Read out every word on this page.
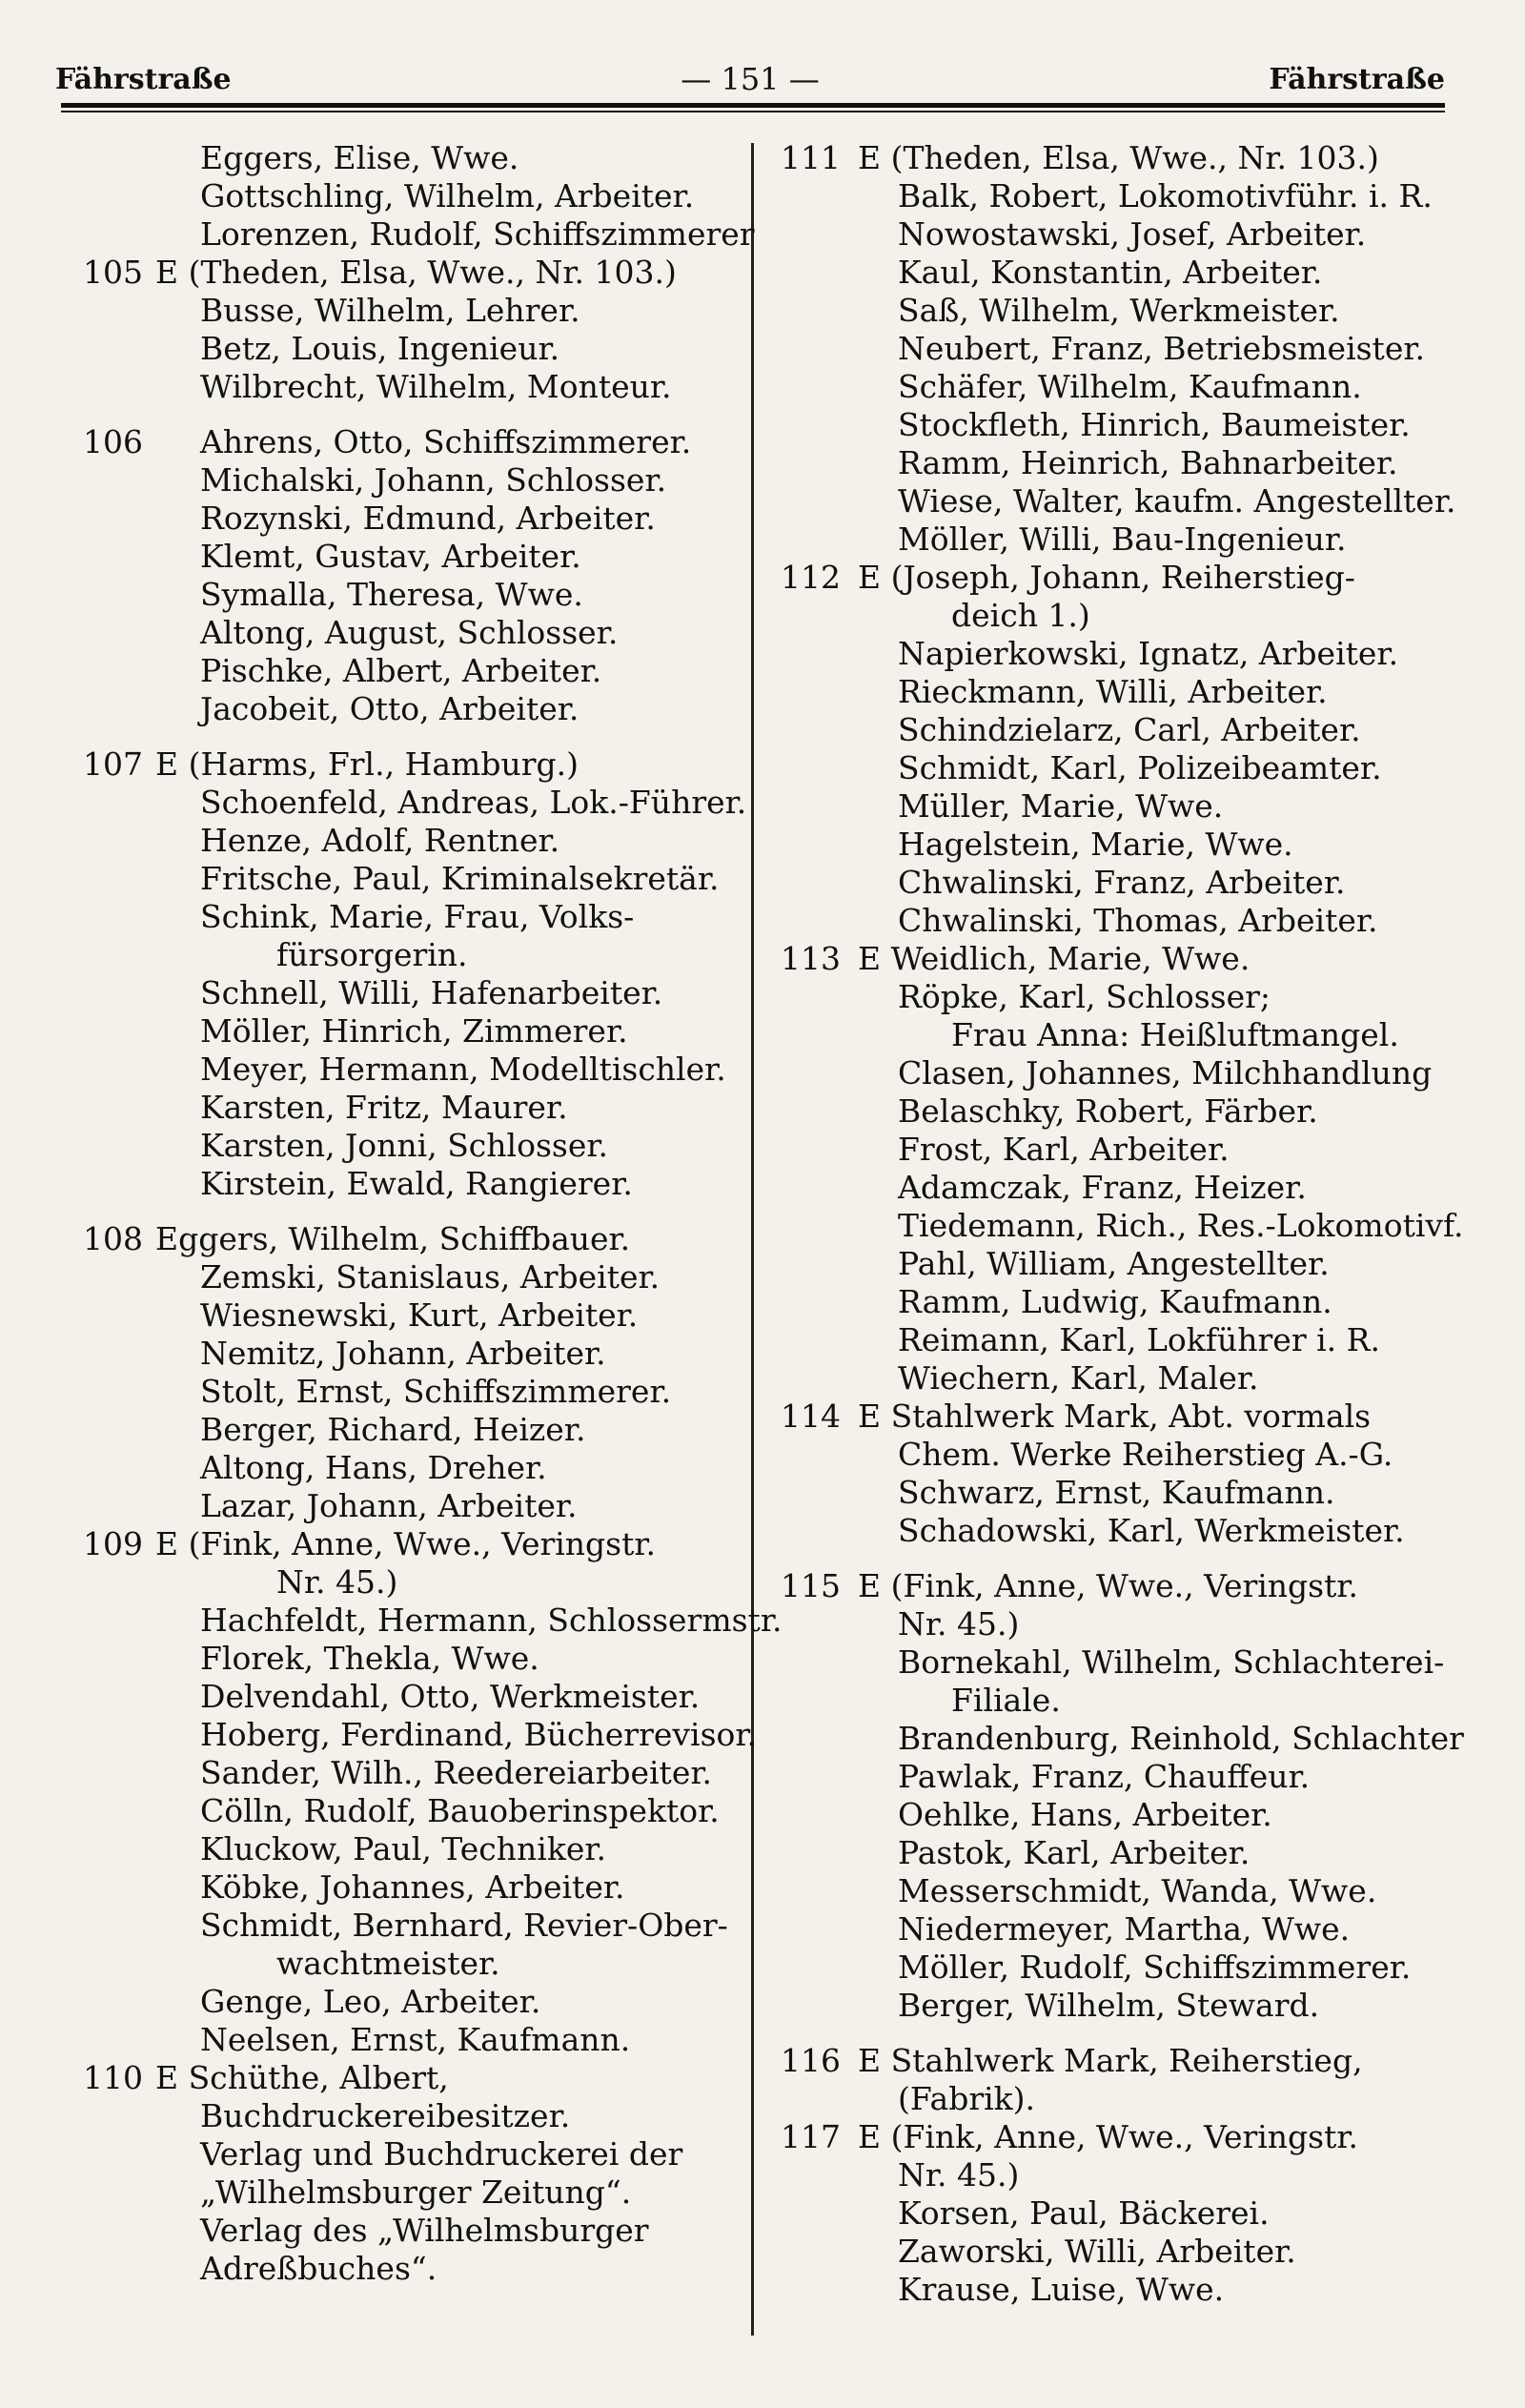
Fährstraße	— 151 —	Fährstraße
Eggers, Elise, Wwe.
Gottschling, Wilhelm, Arbeiter.
Lorenzen, Rudolf, Schiffszimmerer
105 E (Theden, Elsa, Wwe., Nr. 103.)
Busse, Wilhelm, Lehrer.
Betz, Louis, Ingenieur.
Wilbrecht, Wilhelm, Monteur.
106 Ahrens, Otto, Schiffszimmerer.
Michalski, Johann, Schlosser.
Rozynski, Edmund, Arbeiter.
Klemt, Gustav, Arbeiter.
Symalla, Theresa, Wwe.
Altong, August, Schlosser.
Pischke, Albert, Arbeiter.
Jacobeit, Otto, Arbeiter.
107 E (Harms, Frl., Hamburg.)
Schoenfeld, Andreas, Lok.-Führer.
Henze, Adolf, Rentner.
Fritsche, Paul, Kriminalsekretär.
Schink, Marie, Frau, Volks-
fürsorgerin.
Schnell, Willi, Hafenarbeiter.
Möller, Hinrich, Zimmerer.
Meyer, Hermann, Modelltischler.
Karsten, Fritz, Maurer.
Karsten, Jonni, Schlosser.
Kirstein, Ewald, Rangierer.
108 Eggers, Wilhelm, Schiffbauer.
Zemski, Stanislaus, Arbeiter.
Wiesnewski, Kurt, Arbeiter.
Nemitz, Johann, Arbeiter.
Stolt, Ernst, Schiffszimmerer.
Berger, Richard, Heizer.
Altong, Hans, Dreher.
Lazar, Johann, Arbeiter.
109 E (Fink, Anne, Wwe., Veringstr.
Nr. 45.)
Hachfeldt, Hermann, Schlossermstr.
Florek, Thekla, Wwe.
Delvendahl, Otto, Werkmeister.
Hoberg, Ferdinand, Bücherrevisor.
Sander, Wilh., Reedereiarbeiter.
Cölln, Rudolf, Bauoberinspektor.
Kluckow, Paul, Techniker.
Köbke, Johannes, Arbeiter.
Schmidt, Bernhard, Revier-Ober-
wachtmeister.
Genge, Leo, Arbeiter.
Neelsen, Ernst, Kaufmann.
110 E Schüthe, Albert,
Buchdruckereibesitzer.
Verlag und Buchdruckerei der
„Wilhelmsburger Zeitung“.
Verlag des „Wilhelmsburger
Adreßbuches“.
111 E (Theden, Elsa, Wwe., Nr. 103.)
Balk, Robert, Lokomotivführ. i. R.
Nowostawski, Josef, Arbeiter.
Kaul, Konstantin, Arbeiter.
Saß, Wilhelm, Werkmeister.
Neubert, Franz, Betriebsmeister.
Schäfer, Wilhelm, Kaufmann.
Stockfleth, Hinrich, Baumeister.
Ramm, Heinrich, Bahnarbeiter.
Wiese, Walter, kaufm. Angestellter.
Möller, Willi, Bau-Ingenieur.
112 E (Joseph, Johann, Reiherstieg-
deich 1.)
Napierkowski, Ignatz, Arbeiter.
Rieckmann, Willi, Arbeiter.
Schindzielarz, Carl, Arbeiter.
Schmidt, Karl, Polizeibeamter.
Müller, Marie, Wwe.
Hagelstein, Marie, Wwe.
Chwalinski, Franz, Arbeiter.
Chwalinski, Thomas, Arbeiter.
113 E Weidlich, Marie, Wwe.
Röpke, Karl, Schlosser;
Frau Anna: Heißluftmangel.
Clasen, Johannes, Milchhandlung
Belaschky, Robert, Färber.
Frost, Karl, Arbeiter.
Adamczak, Franz, Heizer.
Tiedemann, Rich., Res.-Lokomotivf.
Pahl, William, Angestellter.
Ramm, Ludwig, Kaufmann.
Reimann, Karl, Lokführer i. R.
Wiechern, Karl, Maler.
114 E Stahlwerk Mark, Abt. vormals
Chem. Werke Reiherstieg A.-G.
Schwarz, Ernst, Kaufmann.
Schadowski, Karl, Werkmeister.
115 E (Fink, Anne, Wwe., Veringstr.
Nr. 45.)
Bornekahl, Wilhelm, Schlachterei-
Filiale.
Brandenburg, Reinhold, Schlachter
Pawlak, Franz, Chauffeur.
Oehlke, Hans, Arbeiter.
Pastok, Karl, Arbeiter.
Messerschmidt, Wanda, Wwe.
Niedermeyer, Martha, Wwe.
Möller, Rudolf, Schiffszimmerer.
Berger, Wilhelm, Steward.
116 E Stahlwerk Mark, Reiherstieg,
(Fabrik).
117 E (Fink, Anne, Wwe., Veringstr.
Nr. 45.)
Korsen, Paul, Bäckerei.
Zaworski, Willi, Arbeiter.
Krause, Luise, Wwe.
